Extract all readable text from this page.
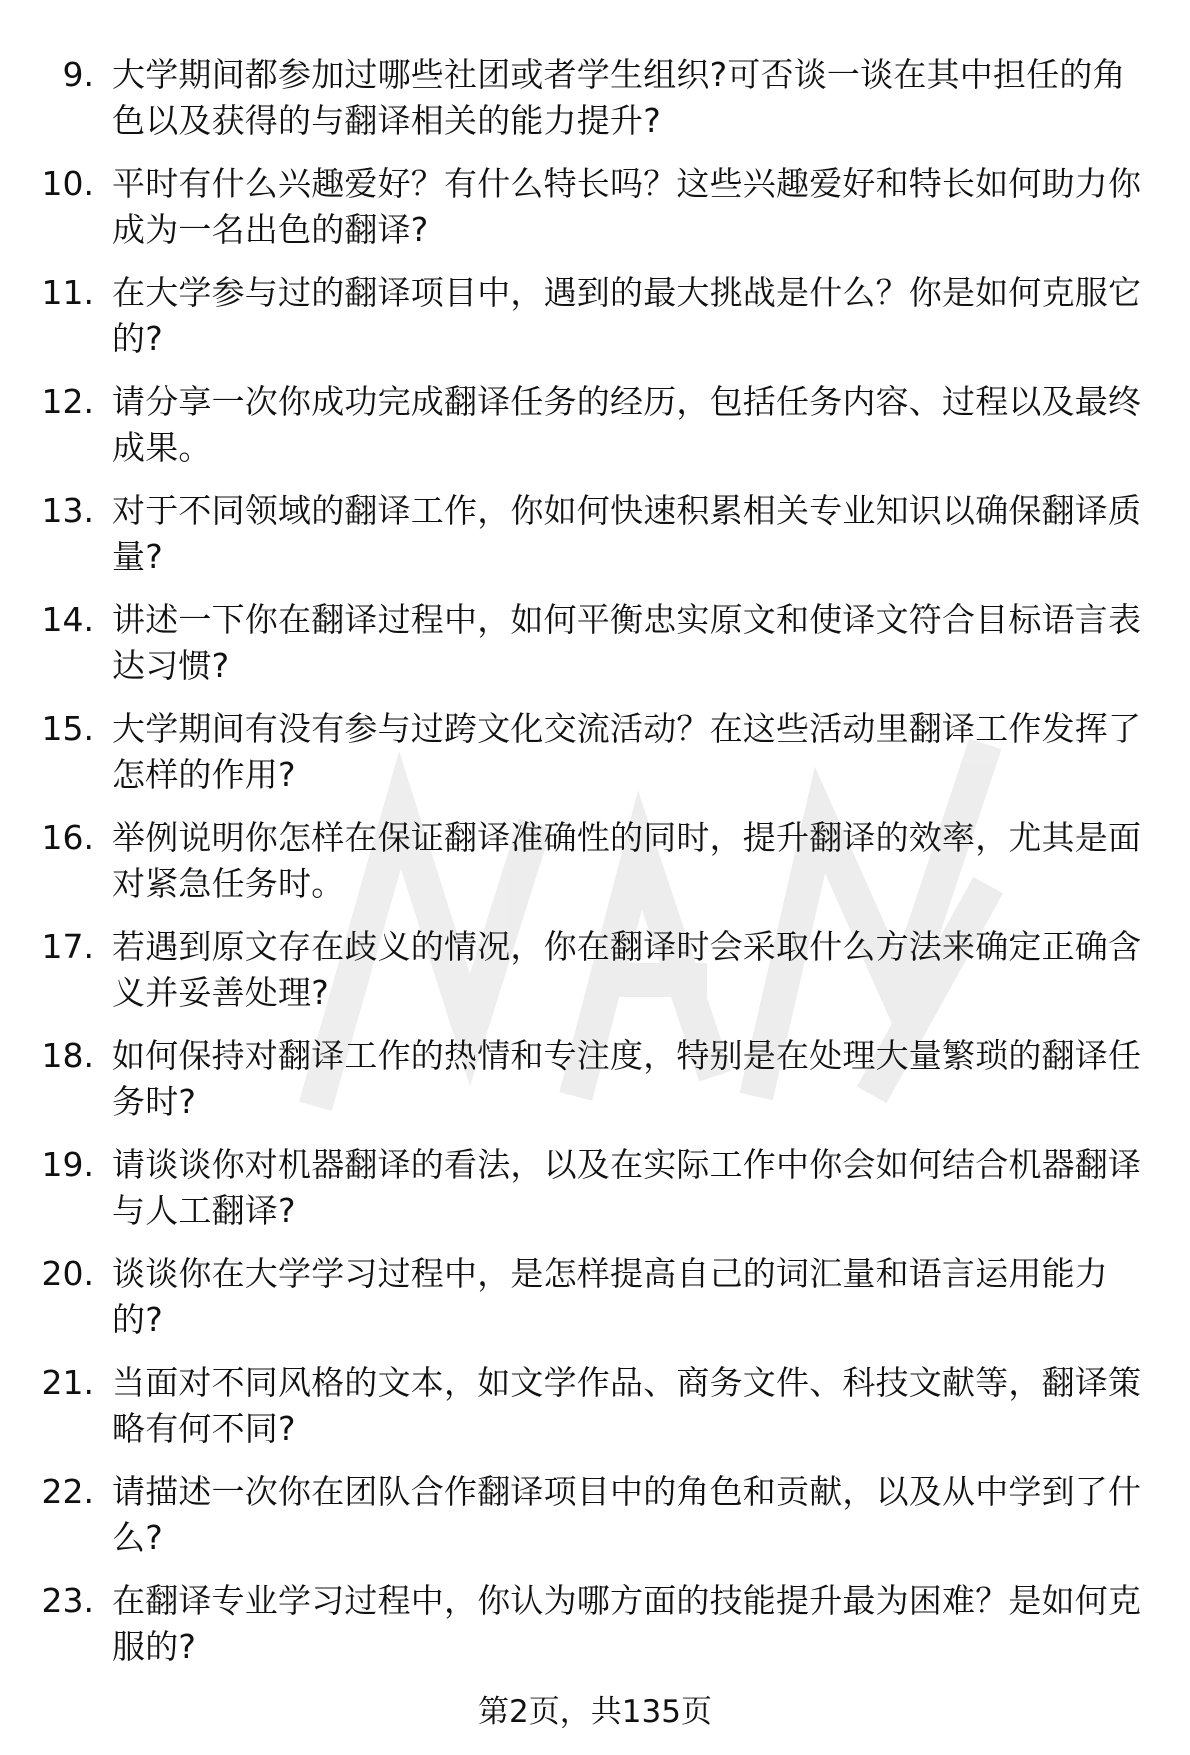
9. 大学期间都参加过哪些社团或者学生组织?可否谈一谈在其中担任的角色以及获得的与翻译相关的能力提升?
10. 平时有什么兴趣爱好？有什么特长吗？这些兴趣爱好和特长如何助力你成为一名出色的翻译?
11. 在大学参与过的翻译项目中，遇到的最大挑战是什么？你是如何克服它的?
12. 请分享一次你成功完成翻译任务的经历，包括任务内容、过程以及最终成果。
13. 对于不同领域的翻译工作，你如何快速积累相关专业知识以确保翻译质量?
14. 讲述一下你在翻译过程中，如何平衡忠实原文和使译文符合目标语言表达习惯?
15. 大学期间有没有参与过跨文化交流活动？在这些活动里翻译工作发挥了怎样的作用?
16. 举例说明你怎样在保证翻译准确性的同时，提升翻译的效率，尤其是面对紧急任务时。
17. 若遇到原文存在歧义的情况，你在翻译时会采取什么方法来确定正确含义并妥善处理?
18. 如何保持对翻译工作的热情和专注度，特别是在处理大量繁琐的翻译任务时?
19. 请谈谈你对机器翻译的看法，以及在实际工作中你会如何结合机器翻译与人工翻译?
20. 谈谈你在大学学习过程中，是怎样提高自己的词汇量和语言运用能力的?
21. 当面对不同风格的文本，如文学作品、商务文件、科技文献等，翻译策略有何不同?
22. 请描述一次你在团队合作翻译项目中的角色和贡献，以及从中学到了什么?
23. 在翻译专业学习过程中，你认为哪方面的技能提升最为困难？是如何克服的?
第2页，共135页
